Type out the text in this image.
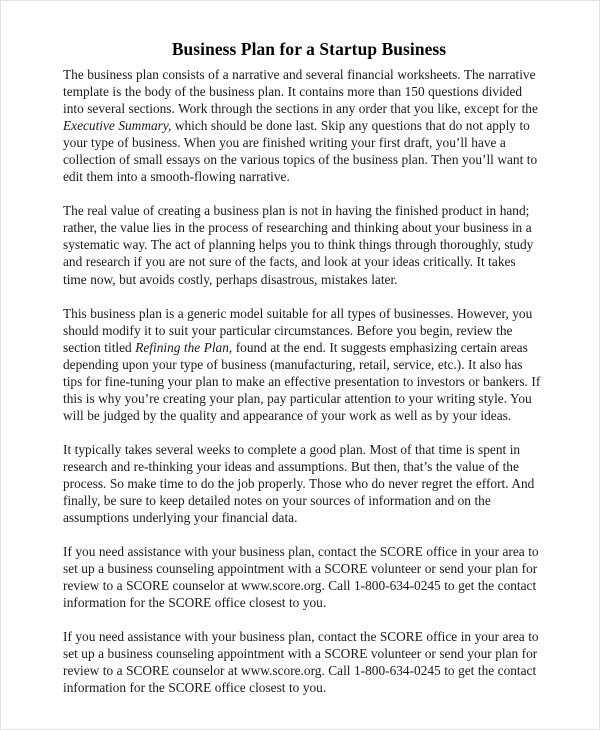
Business Plan for a Startup Business

The business plan consists of a narrative and several financial worksheets. The narrative template is the body of the business plan. It contains more than 150 questions divided into several sections. Work through the sections in any order that you like, except for the Executive Summary, which should be done last. Skip any questions that do not apply to your type of business. When you are finished writing your first draft, you’ll have a collection of small essays on the various topics of the business plan. Then you’ll want to edit them into a smooth-flowing narrative.

The real value of creating a business plan is not in having the finished product in hand; rather, the value lies in the process of researching and thinking about your business in a systematic way. The act of planning helps you to think things through thoroughly, study and research if you are not sure of the facts, and look at your ideas critically. It takes time now, but avoids costly, perhaps disastrous, mistakes later.

This business plan is a generic model suitable for all types of businesses. However, you should modify it to suit your particular circumstances. Before you begin, review the section titled Refining the Plan, found at the end. It suggests emphasizing certain areas depending upon your type of business (manufacturing, retail, service, etc.). It also has tips for fine-tuning your plan to make an effective presentation to investors or bankers. If this is why you’re creating your plan, pay particular attention to your writing style. You will be judged by the quality and appearance of your work as well as by your ideas.

It typically takes several weeks to complete a good plan. Most of that time is spent in research and re-thinking your ideas and assumptions. But then, that’s the value of the process. So make time to do the job properly. Those who do never regret the effort. And finally, be sure to keep detailed notes on your sources of information and on the assumptions underlying your financial data.

If you need assistance with your business plan, contact the SCORE office in your area to set up a business counseling appointment with a SCORE volunteer or send your plan for review to a SCORE counselor at www.score.org. Call 1-800-634-0245 to get the contact information for the SCORE office closest to you.

If you need assistance with your business plan, contact the SCORE office in your area to set up a business counseling appointment with a SCORE volunteer or send your plan for review to a SCORE counselor at www.score.org. Call 1-800-634-0245 to get the contact information for the SCORE office closest to you.
